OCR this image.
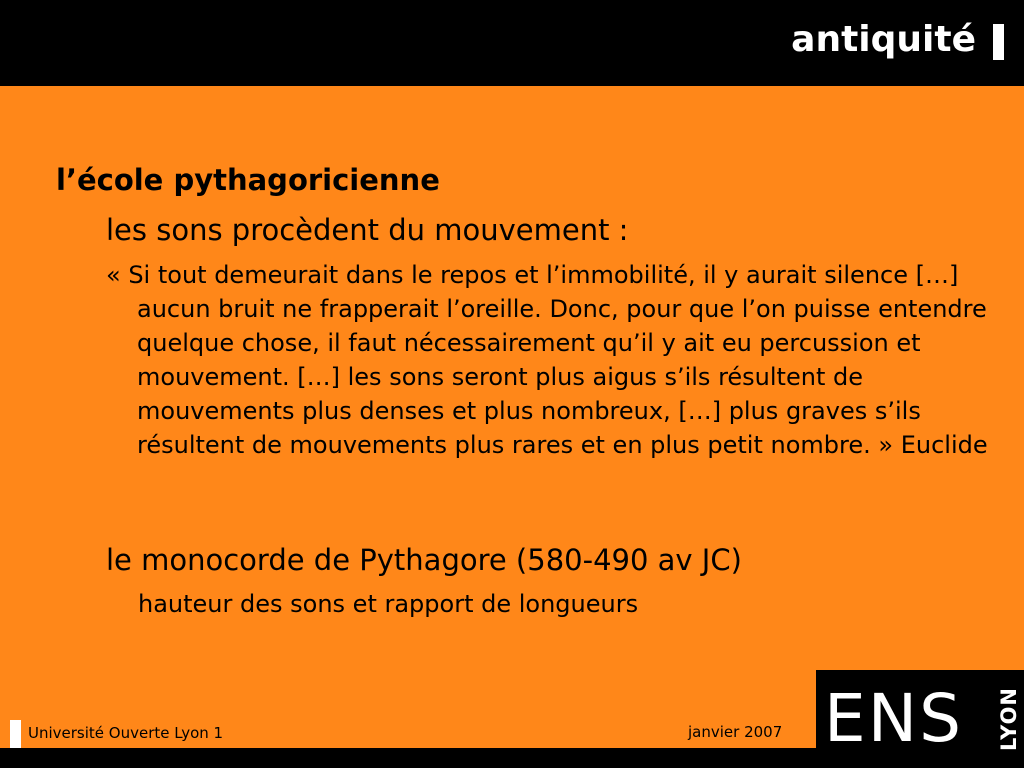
antiquité
l’école pythagoricienne
les sons procèdent du mouvement :
« Si tout demeurait dans le repos et l’immobilité, il y aurait silence […] aucun bruit ne frapperait l’oreille. Donc, pour que l’on puisse entendre quelque chose, il faut nécessairement qu’il y ait eu percussion et mouvement. […] les sons seront plus aigus s’ils résultent de mouvements plus denses et plus nombreux, […] plus graves s’ils résultent de mouvements plus rares et en plus petit nombre. » Euclide
le monocorde de Pythagore (580-490 av JC)
hauteur des sons et rapport de longueurs
Université Ouverte Lyon 1	janvier 2007 ENS LYON
